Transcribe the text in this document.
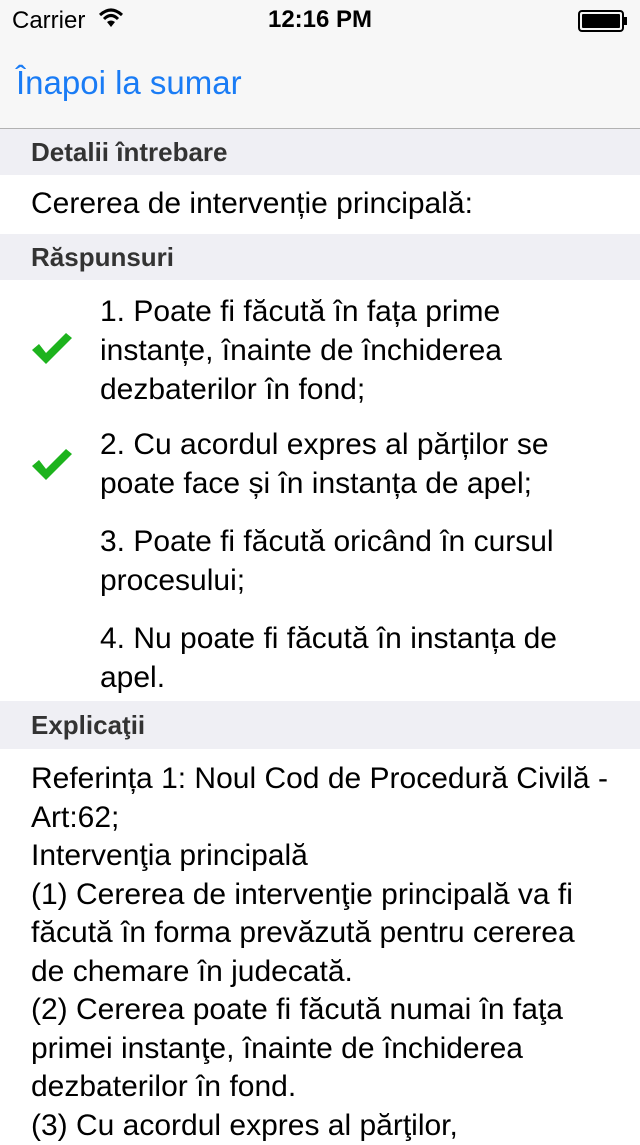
Carrier	12:16 PM
Înapoi la sumar
Detalii întrebare
Cererea de intervenție principală:
Răspunsuri
1. Poate fi făcută în fața prime instanțe, înainte de închiderea dezbaterilor în fond;
2. Cu acordul expres al părților se poate face și în instanța de apel;
3. Poate fi făcută oricând în cursul procesului;
4. Nu poate fi făcută în instanța de apel.
Explicaţii
Referința 1: Noul Cod de Procedură Civilă - Art:62;
Intervenţia principală
(1) Cererea de intervenţie principală va fi făcută în forma prevăzută pentru cererea de chemare în judecată.
(2) Cererea poate fi făcută numai în faţa primei instanţe, înainte de închiderea dezbaterilor în fond.
(3) Cu acordul expres al părţilor,
